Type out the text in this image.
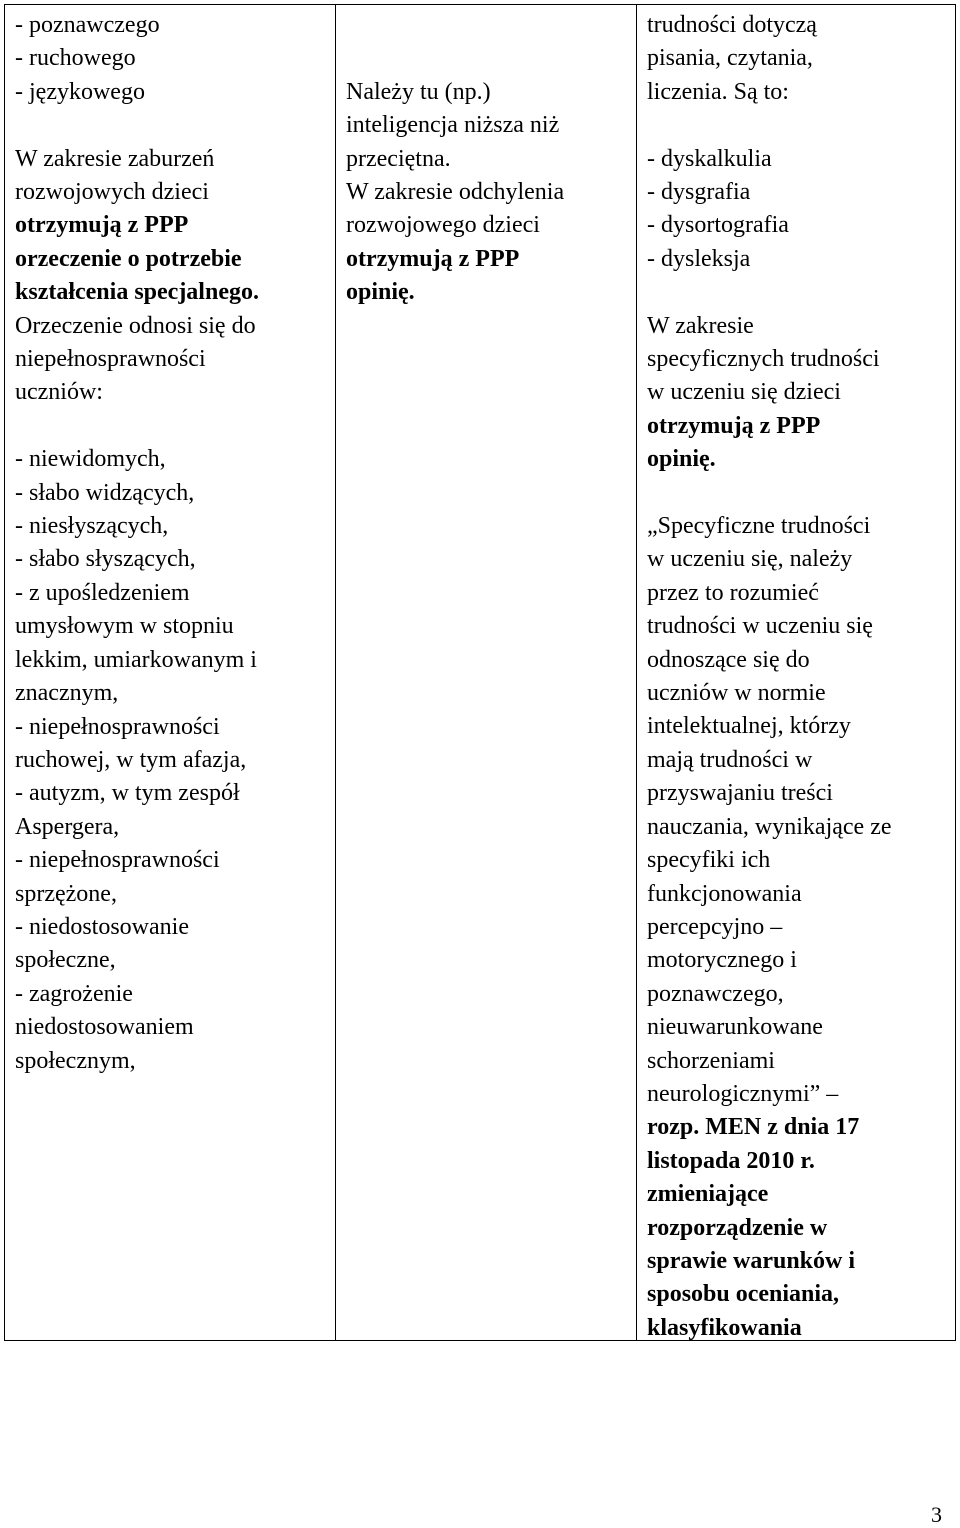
- poznawczego

- ruchowego

- językowego

W zakresie zaburzeń

rozwojowych dzieci

otrzymują z PPP

orzeczenie o potrzebie

kształcenia specjalnego.

Orzeczenie odnosi się do

niepełnosprawności

uczniów:

- niewidomych,

- słabo widzących,

- niesłyszących,

- słabo słyszących,

- z upośledzeniem

umysłowym w stopniu

lekkim, umiarkowanym i

znacznym,

- niepełnosprawności

ruchowej, w tym afazja,

- autyzm, w tym zespół

Aspergera,

- niepełnosprawności

sprzężone,

- niedostosowanie

społeczne,

- zagrożenie

niedostosowaniem

społecznym,

Należy tu (np.)

inteligencja niższa niż

przeciętna.

W zakresie odchylenia

rozwojowego dzieci

otrzymują z PPP

opinię.

trudności dotyczą

pisania, czytania,

liczenia. Są to:

- dyskalkulia

- dysgrafia

- dysortografia

- dysleksja

W zakresie

specyficznych trudności

w uczeniu się dzieci

otrzymują z PPP

opinię.

„Specyficzne trudności

w uczeniu się, należy

przez to rozumieć

trudności w uczeniu się

odnoszące się do

uczniów w normie

intelektualnej, którzy

mają trudności w

przyswajaniu treści

nauczania, wynikające ze

specyfiki ich

funkcjonowania

percepcyjno –

motorycznego i

poznawczego,

nieuwarunkowane

schorzeniami

neurologicznymi” –

rozp. MEN z dnia 17

listopada 2010 r.

zmieniające

rozporządzenie w

sprawie warunków i

sposobu oceniania,

klasyfikowania

3
